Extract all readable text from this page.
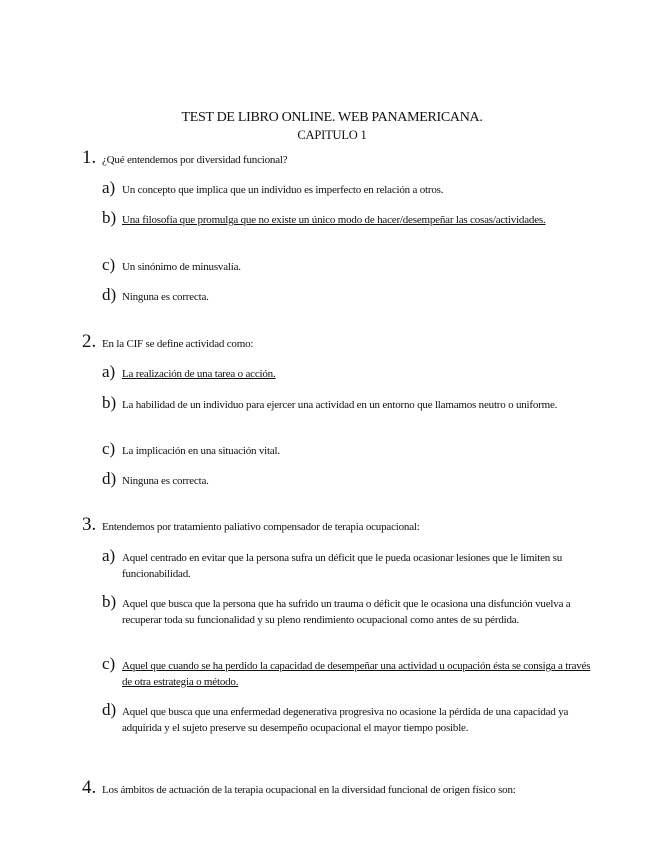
TEST DE LIBRO ONLINE. WEB PANAMERICANA.
CAPITULO 1
1. ¿Qué entendemos por diversidad funcional?
a) Un concepto que implica que un individuo es imperfecto en relación a otros.
b) Una filosofía que promulga que no existe un único modo de hacer/desempeñar las cosas/actividades.
c) Un sinónimo de minusvalía.
d) Ninguna es correcta.
2. En la CIF se define actividad como:
a) La realización de una tarea o acción.
b) La habilidad de un individuo para ejercer una actividad en un entorno que llamamos neutro o uniforme.
c) La implicación en una situación vital.
d) Ninguna es correcta.
3. Entendemos por tratamiento paliativo compensador de terapia ocupacional:
a) Aquel centrado en evitar que la persona sufra un déficit que le pueda ocasionar lesiones que le limiten su funcionabilidad.
b) Aquel que busca que la persona que ha sufrido un trauma o déficit que le ocasiona una disfunción vuelva a recuperar toda su funcionalidad y su pleno rendimiento ocupacional como antes de su pérdida.
c) Aquel que cuando se ha perdido la capacidad de desempeñar una actividad u ocupación ésta se consiga a través de otra estrategia o método.
d) Aquel que busca que una enfermedad degenerativa progresiva no ocasione la pérdida de una capacidad ya adquirida y el sujeto preserve su desempeño ocupacional el mayor tiempo posible.
4. Los ámbitos de actuación de la terapia ocupacional en la diversidad funcional de origen físico son:
